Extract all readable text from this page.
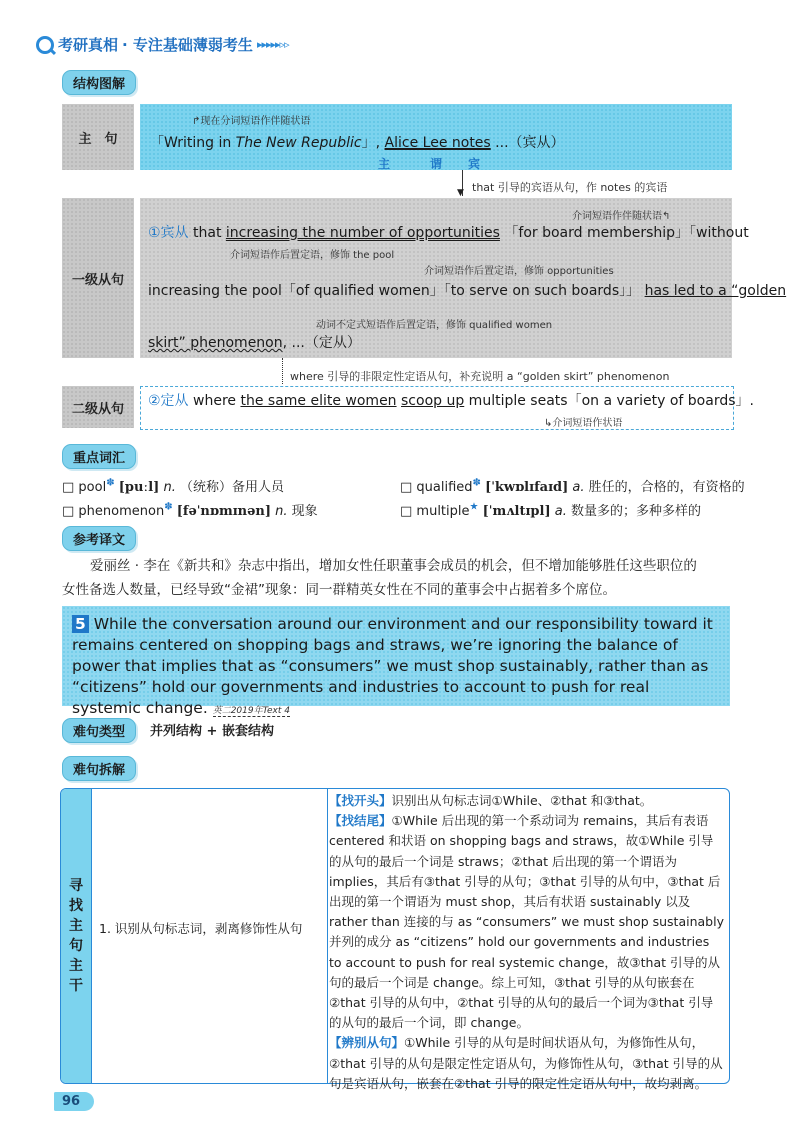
考研真相 · 专注基础薄弱考生 ▸▸▸▸▸▹▹
结构图解
主　句
↱现在分词短语作伴随状语
「Writing in The New Republic」, Alice Lee notes ...（宾从）
主	谓 宾
▼ that 引导的宾语从句，作 notes 的宾语
一级从句
介词短语作伴随状语↰
①宾从 that increasing the number of opportunities 「for board membership」「without
介词短语作后置定语，修饰 the pool
介词短语作后置定语，修饰 opportunities
increasing the pool「of qualified women」「to serve on such boards」」 has led to a “golden
动词不定式短语作后置定语，修饰 qualified women
skirt” phenomenon, ...（定从）
where 引导的非限定性定语从句，补充说明 a “golden skirt” phenomenon
二级从句	②定从 where the same elite women scoop up multiple seats「on a variety of boards」.
↳介词短语作状语
重点词汇
□ pool✽ [puːl] n. （统称）备用人员	□ qualified✽ [ˈkwɒlɪfaɪd] a. 胜任的，合格的，有资格的
□ phenomenon✽ [fəˈnɒmɪnən] n. 现象	□ multiple★ [ˈmʌltɪpl] a. 数量多的；多种多样的
参考译文
爱丽丝 · 李在《新共和》杂志中指出，增加女性任职董事会成员的机会，但不增加能够胜任这些职位的
女性备选人数量，已经导致“金裙”现象：同一群精英女性在不同的董事会中占据着多个席位。
5 While the conversation around our environment and our responsibility toward it remains centered on shopping bags and straws, we’re ignoring the balance of power that implies that as “consumers” we must shop sustainably, rather than as “citizens” hold our governments and industries to account to push for real systemic change. 英二2019年Text 4
难句类型	并列结构 + 嵌套结构
难句拆解
寻
找
主
句
主
干
1. 识别从句标志词，剥离修饰性从句
【找开头】识别出从句标志词①While、②that 和③that。
【找结尾】①While 后出现的第一个系动词为 remains，其后有表语 centered 和状语 on shopping bags and straws，故①While 引导的从句的最后一个词是 straws；②that 后出现的第一个谓语为 implies，其后有③that 引导的从句；③that 引导的从句中，③that 后出现的第一个谓语为 must shop，其后有状语 sustainably 以及 rather than 连接的与 as “consumers” we must shop sustainably 并列的成分 as “citizens” hold our governments and industries to account to push for real systemic change，故③that 引导的从句的最后一个词是 change。综上可知，③that 引导的从句嵌套在②that 引导的从句中，②that 引导的从句的最后一个词为③that 引导的从句的最后一个词，即 change。
【辨别从句】①While 引导的从句是时间状语从句，为修饰性从句，②that 引导的从句是限定性定语从句，为修饰性从句，③that 引导的从句是宾语从句，嵌套在②that 引导的限定性定语从句中，故均剥离。
96
